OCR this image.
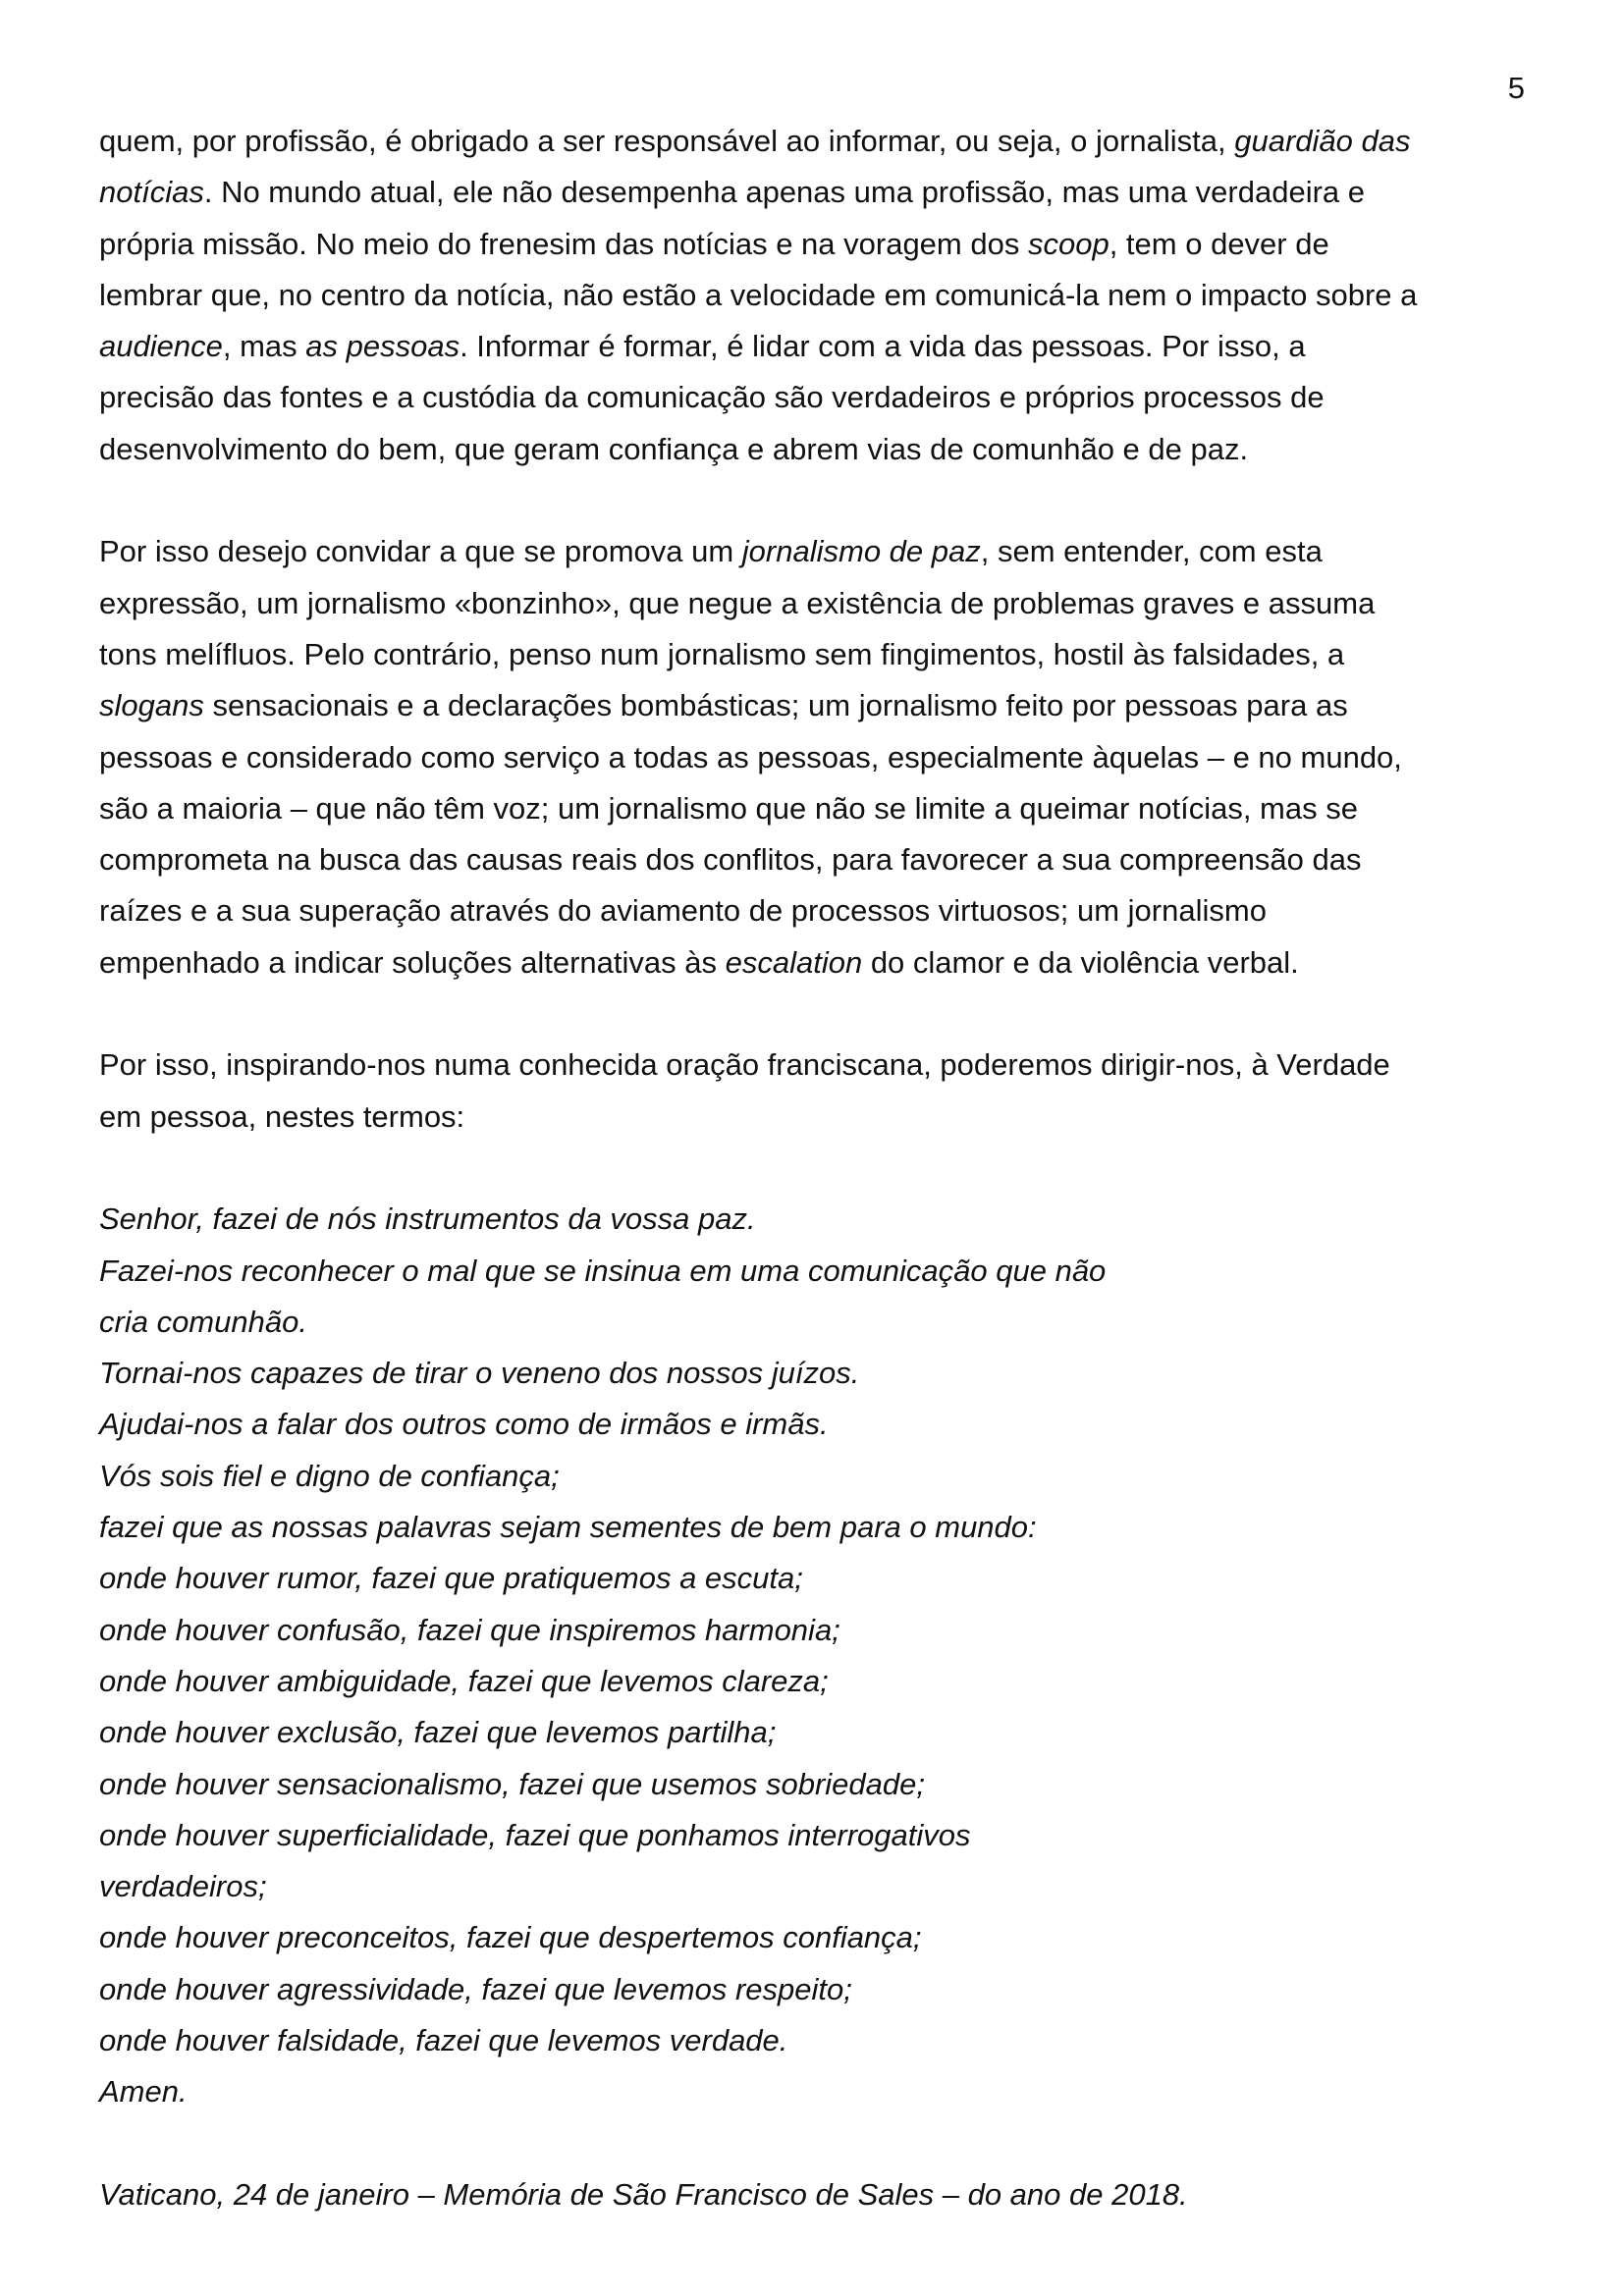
5

quem, por profissão, é obrigado a ser responsável ao informar, ou seja, o jornalista, guardião das
notícias. No mundo atual, ele não desempenha apenas uma profissão, mas uma verdadeira e
própria missão. No meio do frenesim das notícias e na voragem dos scoop, tem o dever de
lembrar que, no centro da notícia, não estão a velocidade em comunicá-la nem o impacto sobre a
audience, mas as pessoas. Informar é formar, é lidar com a vida das pessoas. Por isso, a
precisão das fontes e a custódia da comunicação são verdadeiros e próprios processos de
desenvolvimento do bem, que geram confiança e abrem vias de comunhão e de paz.

Por isso desejo convidar a que se promova um jornalismo de paz, sem entender, com esta
expressão, um jornalismo «bonzinho», que negue a existência de problemas graves e assuma
tons melífluos. Pelo contrário, penso num jornalismo sem fingimentos, hostil às falsidades, a
slogans sensacionais e a declarações bombásticas; um jornalismo feito por pessoas para as
pessoas e considerado como serviço a todas as pessoas, especialmente àquelas – e no mundo,
são a maioria – que não têm voz; um jornalismo que não se limite a queimar notícias, mas se
comprometa na busca das causas reais dos conflitos, para favorecer a sua compreensão das
raízes e a sua superação através do aviamento de processos virtuosos; um jornalismo
empenhado a indicar soluções alternativas às escalation do clamor e da violência verbal.

Por isso, inspirando-nos numa conhecida oração franciscana, poderemos dirigir-nos, à Verdade
em pessoa, nestes termos:

Senhor, fazei de nós instrumentos da vossa paz.
Fazei-nos reconhecer o mal que se insinua em uma comunicação que não
cria comunhão.
Tornai-nos capazes de tirar o veneno dos nossos juízos.
Ajudai-nos a falar dos outros como de irmãos e irmãs.
Vós sois fiel e digno de confiança;
fazei que as nossas palavras sejam sementes de bem para o mundo:
onde houver rumor, fazei que pratiquemos a escuta;
onde houver confusão, fazei que inspiremos harmonia;
onde houver ambiguidade, fazei que levemos clareza;
onde houver exclusão, fazei que levemos partilha;
onde houver sensacionalismo, fazei que usemos sobriedade;
onde houver superficialidade, fazei que ponhamos interrogativos
verdadeiros;
onde houver preconceitos, fazei que despertemos confiança;
onde houver agressividade, fazei que levemos respeito;
onde houver falsidade, fazei que levemos verdade.
Amen.
Vaticano, 24 de janeiro – Memória de São Francisco de Sales – do ano de 2018.
